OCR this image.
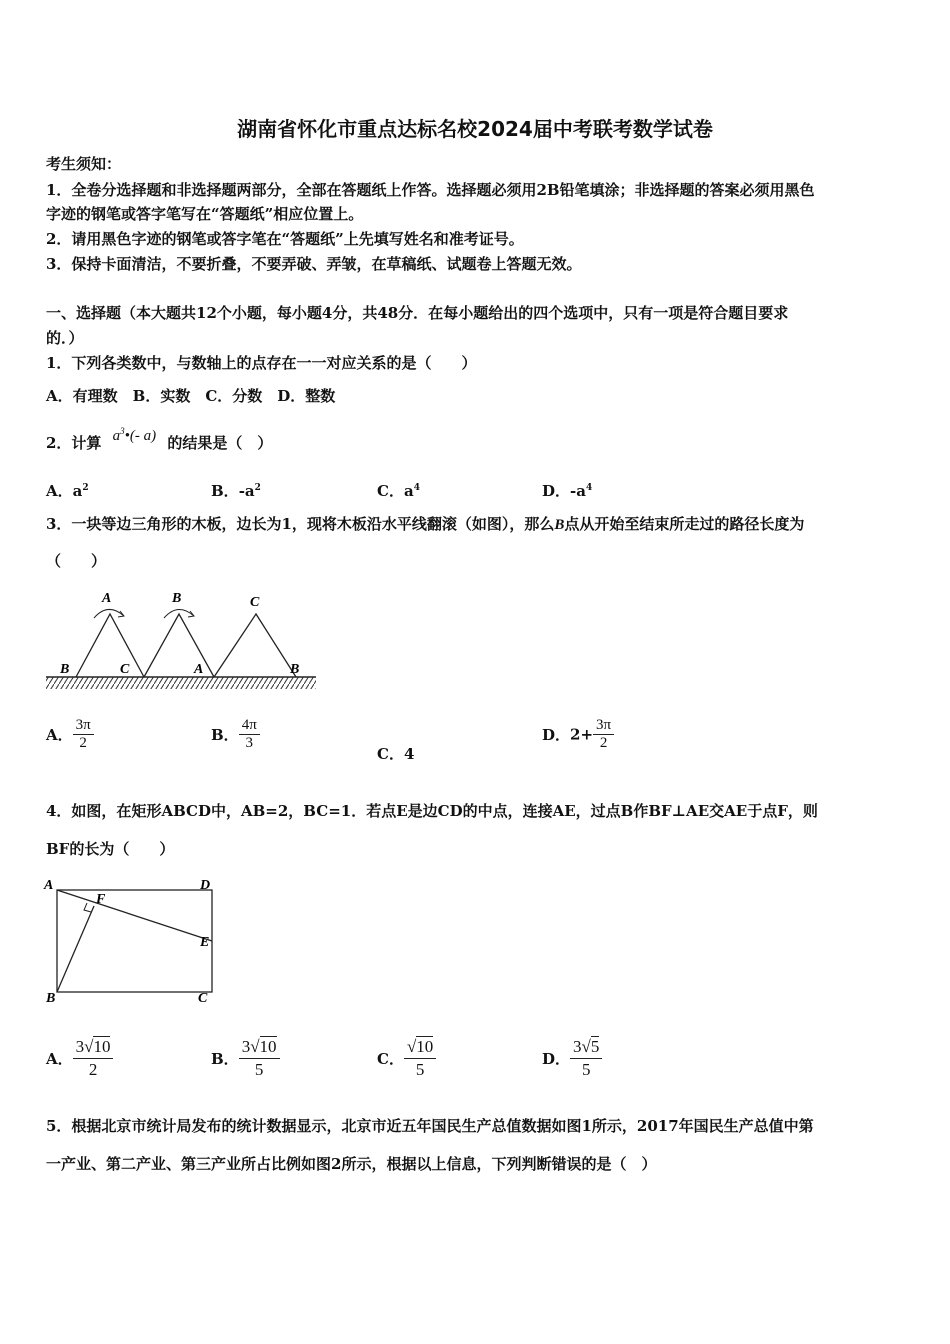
湖南省怀化市重点达标名校2024届中考联考数学试卷
考生须知：
1．全卷分选择题和非选择题两部分，全部在答题纸上作答。选择题必须用2B铅笔填涂；非选择题的答案必须用黑色
字迹的钢笔或答字笔写在“答题纸”相应位置上。
2．请用黑色字迹的钢笔或答字笔在“答题纸”上先填写姓名和准考证号。
3．保持卡面清洁，不要折叠，不要弄破、弄皱，在草稿纸、试题卷上答题无效。
一、选择题（本大题共12个小题，每小题4分，共48分．在每小题给出的四个选项中，只有一项是符合题目要求
的．）
1．下列各类数中，与数轴上的点存在一一对应关系的是（　　）
A．有理数　B．实数　C．分数　D．整数
2．计算 $a^3•(-$ a) 的结果是（　）
A．$a^2$	B．$-a^2$	C．$a^4$	D．$-a^4$
3．一块等边三角形的木板，边长为1，现将木板沿水平线翻滚（如图），那么B点从开始至结束所走过的路径长度为
（　　）
A	B	C
B	C	A	B
A． $\frac{3\pi}{2}$	B． $\frac{4\pi}{3}$
C．4
D．$2+ \frac{3\pi}{2}$
4．如图，在矩形ABCD中，AB=2，BC=1．若点E是边CD的中点，连接AE，过点B作BF⊥AE交AE于点F，则
BF的长为（　　）
A	D
F
E
B	C
A． $\frac{3√10}{2}$	B． $\frac{3√10}{5}$	C． $\frac{√10}{5}$	D． $\frac{3√5}{5}$
5．根据北京市统计局发布的统计数据显示，北京市近五年国民生产总值数据如图1所示，2017年国民生产总值中第
一产业、第二产业、第三产业所占比例如图2所示，根据以上信息，下列判断错误的是（　）
